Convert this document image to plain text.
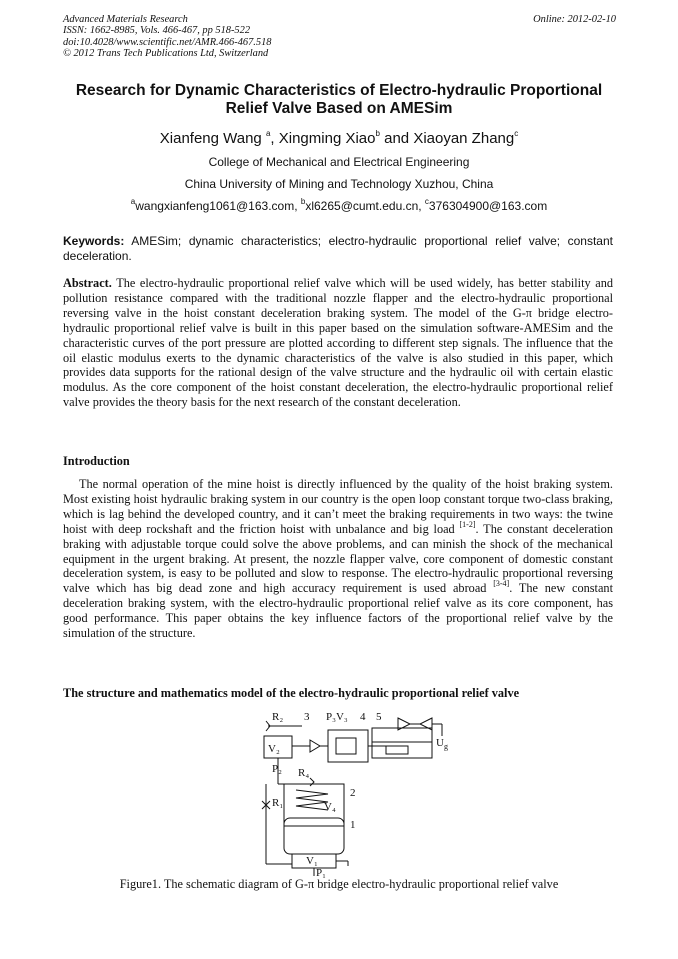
Advanced Materials Research
ISSN: 1662-8985, Vols. 466-467, pp 518-522
doi:10.4028/www.scientific.net/AMR.466-467.518
© 2012 Trans Tech Publications Ltd, Switzerland
Online: 2012-02-10
Research for Dynamic Characteristics of Electro-hydraulic Proportional
Relief Valve Based on AMESim
Xianfeng Wang $^a$, Xingming Xiao$^b$ and Xiaoyan Zhang$^c$
College of Mechanical and Electrical Engineering
China University of Mining and Technology Xuzhou, China
$^a$wangxianfeng1061@163.com, $^b$xl6265@cumt.edu.cn, $^c$376304900@163.com
Keywords: AMESim; dynamic characteristics; electro-hydraulic proportional relief valve; constant deceleration.
Abstract. The electro-hydraulic proportional relief valve which will be used widely, has better stability and pollution resistance compared with the traditional nozzle flapper and the electro-hydraulic proportional reversing valve in the hoist constant deceleration braking system. The model of the G-π bridge electro-hydraulic proportional relief valve is built in this paper based on the simulation software-AMESim and the characteristic curves of the port pressure are plotted according to different step signals. The influence that the oil elastic modulus exerts to the dynamic characteristics of the valve is also studied in this paper, which provides data supports for the rational design of the valve structure and the hydraulic oil with certain elastic modulus. As the core component of the hoist constant deceleration, the electro-hydraulic proportional relief valve provides the theory basis for the next research of the constant deceleration.
Introduction
The normal operation of the mine hoist is directly influenced by the quality of the hoist braking system. Most existing hoist hydraulic braking system in our country is the open loop constant torque two-class braking, which is lag behind the developed country, and it can’t meet the braking requirements in two ways: the twine hoist with deep rockshaft and the friction hoist with unbalance and big load [1-2]. The constant deceleration braking with adjustable torque could solve the above problems, and can minish the shock of the mechanical equipment in the urgent braking. At present, the nozzle flapper valve, core component of domestic constant deceleration system, is easy to be polluted and slow to response. The electro-hydraulic proportional reversing valve which has big dead zone and high accuracy requirement is used abroad [3-4]. The new constant deceleration braking system, with the electro-hydraulic proportional relief valve as its core component, has good performance. This paper obtains the key influence factors of the proportional relief valve by the simulation of the structure.
The structure and mathematics model of the electro-hydraulic proportional relief valve
R₂ 3 P₃V₃ 4 5
$U_g$
V₂
P₂ R₄
R₁
2
V₄
1
V₁
P₁
Figure1. The schematic diagram of G-π bridge electro-hydraulic proportional relief valve
